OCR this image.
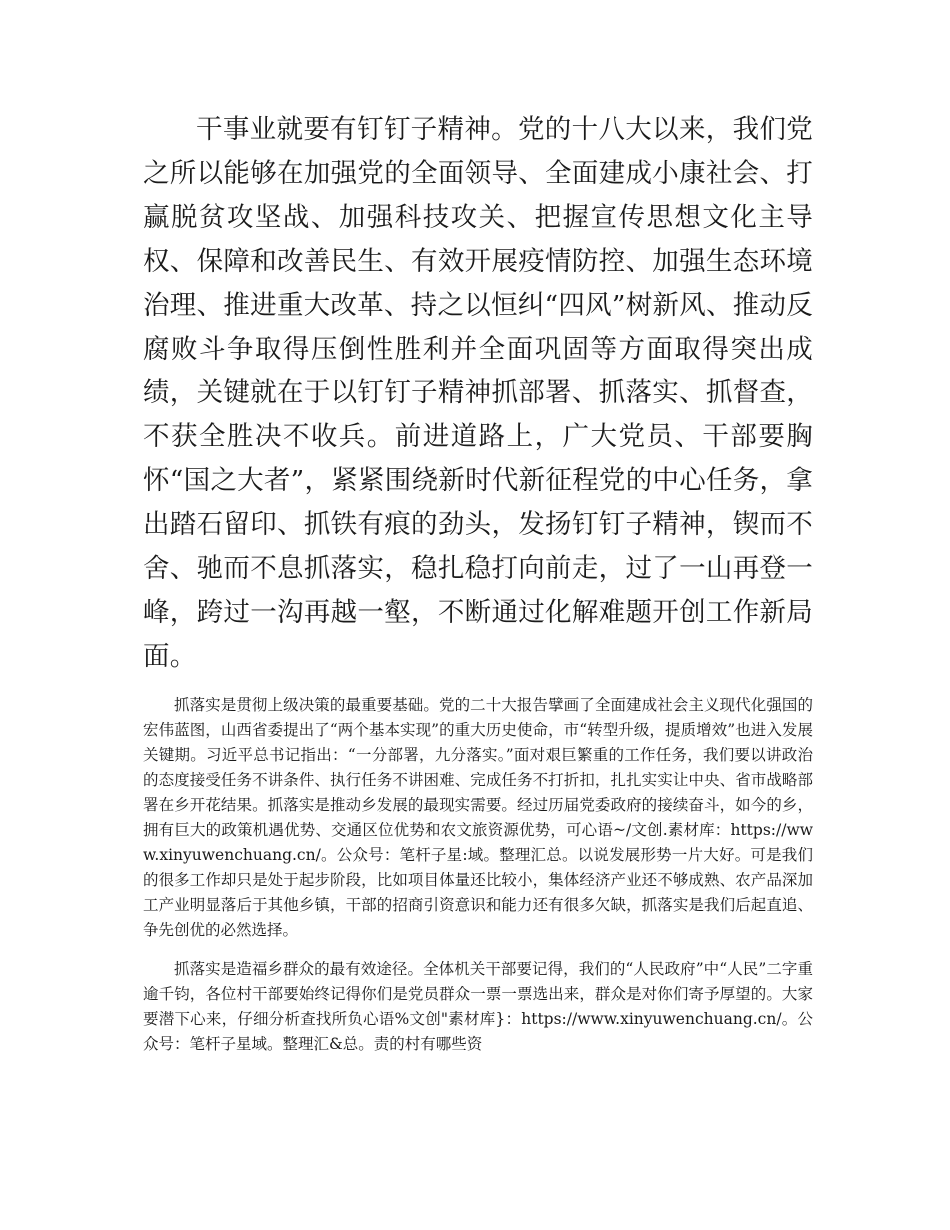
干事业就要有钉钉子精神。党的十八大以来，我们党之所以能够在加强党的全面领导、全面建成小康社会、打赢脱贫攻坚战、加强科技攻关、把握宣传思想文化主导权、保障和改善民生、有效开展疫情防控、加强生态环境治理、推进重大改革、持之以恒纠“四风”树新风、推动反腐败斗争取得压倒性胜利并全面巩固等方面取得突出成绩，关键就在于以钉钉子精神抓部署、抓落实、抓督查，不获全胜决不收兵。前进道路上，广大党员、干部要胸怀“国之大者”，紧紧围绕新时代新征程党的中心任务，拿出踏石留印、抓铁有痕的劲头，发扬钉钉子精神，锲而不舍、驰而不息抓落实，稳扎稳打向前走，过了一山再登一峰，跨过一沟再越一壑，不断通过化解难题开创工作新局面。

抓落实是贯彻上级决策的最重要基础。党的二十大报告擘画了全面建成社会主义现代化强国的宏伟蓝图，山西省委提出了“两个基本实现”的重大历史使命，市“转型升级，提质增效”也进入发展关键期。习近平总书记指出：“一分部署，九分落实。”面对艰巨繁重的工作任务，我们要以讲政治的态度接受任务不讲条件、执行任务不讲困难、完成任务不打折扣，扎扎实实让中央、省市战略部署在乡开花结果。抓落实是推动乡发展的最现实需要。经过历届党委政府的接续奋斗，如今的乡，拥有巨大的政策机遇优势、交通区位优势和农文旅资源优势，可心语~/文创.素材库：https://www.xinyuwenchuang.cn/。公众号：笔杆子星:域。整理汇总。以说发展形势一片大好。可是我们的很多工作却只是处于起步阶段，比如项目体量还比较小，集体经济产业还不够成熟、农产品深加工产业明显落后于其他乡镇，干部的招商引资意识和能力还有很多欠缺，抓落实是我们后起直追、争先创优的必然选择。

抓落实是造福乡群众的最有效途径。全体机关干部要记得，我们的“人民政府”中“人民”二字重逾千钧，各位村干部要始终记得你们是党员群众一票一票选出来，群众是对你们寄予厚望的。大家要潜下心来，仔细分析查找所负心语%文创"素材库}：https://www.xinyuwenchuang.cn/。公众号：笔杆子星域。整理汇&总。责的村有哪些资
